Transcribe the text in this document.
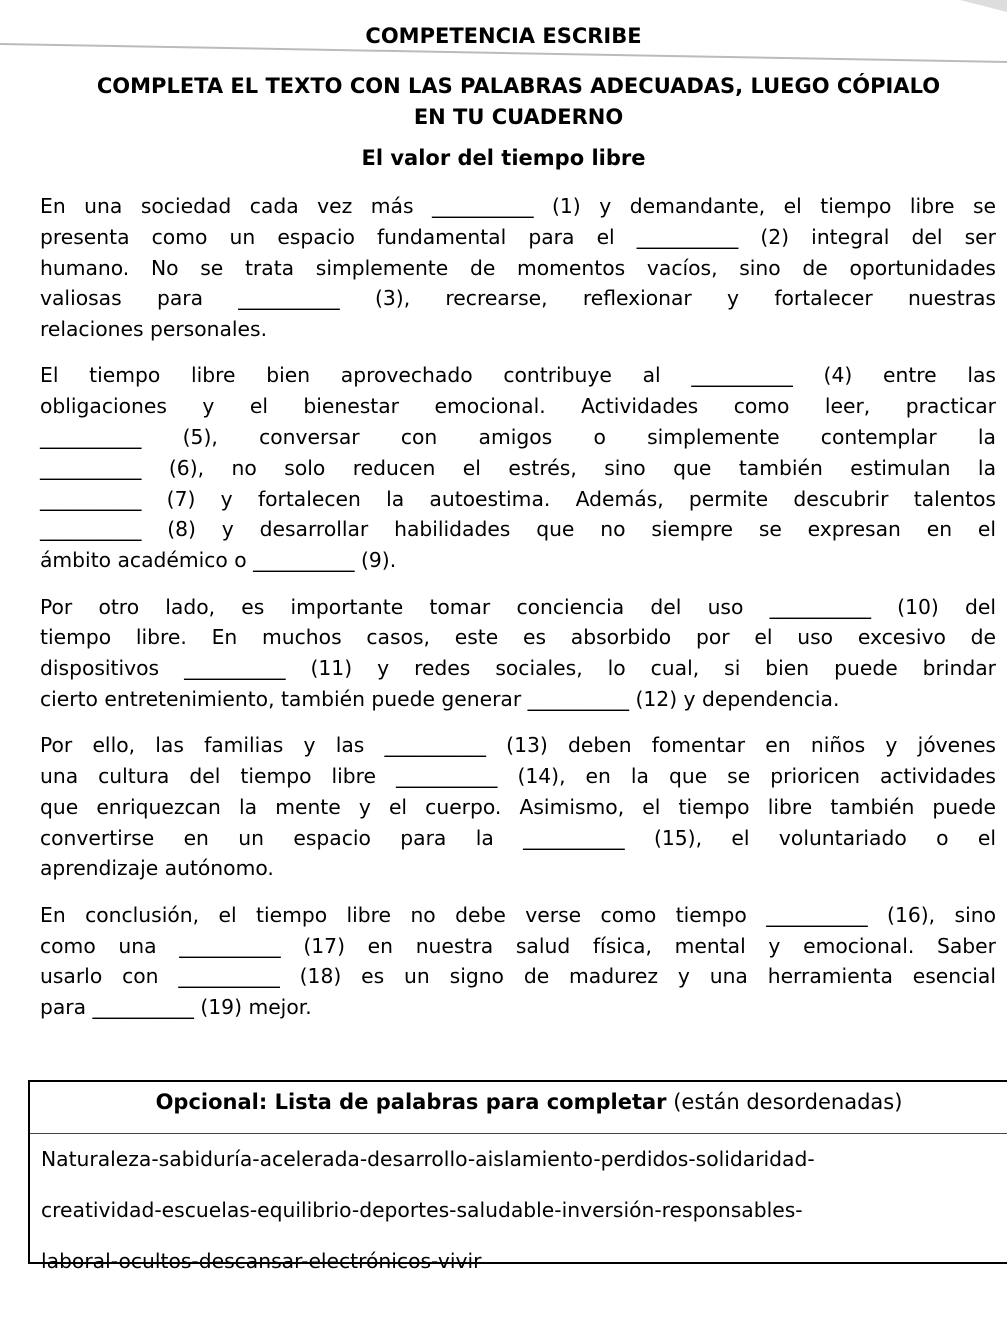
COMPETENCIA ESCRIBE
COMPLETA EL TEXTO CON LAS PALABRAS ADECUADAS, LUEGO CÓPIALO
EN TU CUADERNO
El valor del tiempo libre
En una sociedad cada vez más __________ (1) y demandante, el tiempo libre se
presenta como un espacio fundamental para el __________ (2) integral del ser
humano. No se trata simplemente de momentos vacíos, sino de oportunidades
valiosas para __________ (3), recrearse, reflexionar y fortalecer nuestras
relaciones personales.
El tiempo libre bien aprovechado contribuye al __________ (4) entre las
obligaciones y el bienestar emocional. Actividades como leer, practicar
__________ (5), conversar con amigos o simplemente contemplar la
__________ (6), no solo reducen el estrés, sino que también estimulan la
__________ (7) y fortalecen la autoestima. Además, permite descubrir talentos
__________ (8) y desarrollar habilidades que no siempre se expresan en el
ámbito académico o __________ (9).
Por otro lado, es importante tomar conciencia del uso __________ (10) del
tiempo libre. En muchos casos, este es absorbido por el uso excesivo de
dispositivos __________ (11) y redes sociales, lo cual, si bien puede brindar
cierto entretenimiento, también puede generar __________ (12) y dependencia.
Por ello, las familias y las __________ (13) deben fomentar en niños y jóvenes
una cultura del tiempo libre __________ (14), en la que se prioricen actividades
que enriquezcan la mente y el cuerpo. Asimismo, el tiempo libre también puede
convertirse en un espacio para la __________ (15), el voluntariado o el
aprendizaje autónomo.
En conclusión, el tiempo libre no debe verse como tiempo __________ (16), sino
como una __________ (17) en nuestra salud física, mental y emocional. Saber
usarlo con __________ (18) es un signo de madurez y una herramienta esencial
para __________ (19) mejor.
Opcional: Lista de palabras para completar (están desordenadas)
Naturaleza-sabiduría-acelerada-desarrollo-aislamiento-perdidos-solidaridad-
creatividad-escuelas-equilibrio-deportes-saludable-inversión-responsables-
laboral-ocultos-descansar-electrónicos-vivir
